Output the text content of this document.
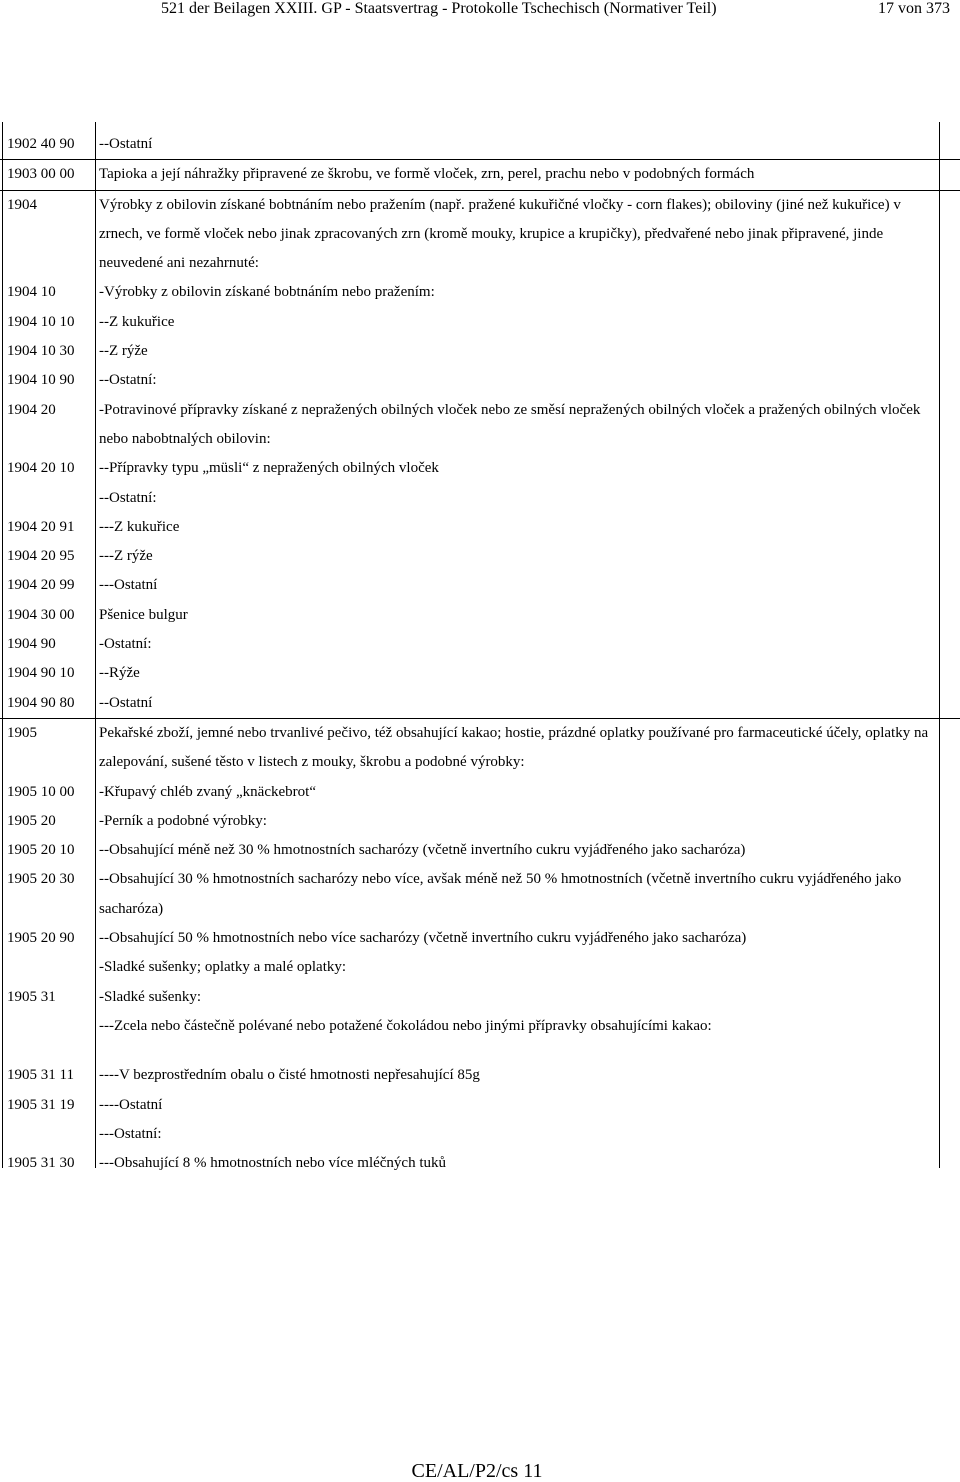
521 der Beilagen XXIII. GP - Staatsvertrag - Protokolle Tschechisch (Normativer Teil)	17 von 373
1902 40 90	--Ostatní
1903 00 00	Tapioka a její náhražky připravené ze škrobu, ve formě vloček, zrn, perel, prachu nebo v podobných formách
1904	Výrobky z obilovin získané bobtnáním nebo pražením (např. pražené kukuřičné vločky - corn flakes); obiloviny (jiné než kukuřice) v zrnech, ve formě vloček nebo jinak zpracovaných zrn (kromě mouky, krupice a krupičky), předvařené nebo jinak připravené, jinde neuvedené ani nezahrnuté:
1904 10	-Výrobky z obilovin získané bobtnáním nebo pražením:
1904 10 10	--Z kukuřice
1904 10 30	--Z rýže
1904 10 90	--Ostatní:
1904 20	-Potravinové přípravky získané z nepražených obilných vloček nebo ze směsí nepražených obilných vloček a pražených obilných vloček nebo nabobtnalých obilovin:
1904 20 10	--Přípravky typu „müsli“ z nepražených obilných vloček
--Ostatní:
1904 20 91	---Z kukuřice
1904 20 95	---Z rýže
1904 20 99	---Ostatní
1904 30 00	Pšenice bulgur
1904 90	-Ostatní:
1904 90 10	--Rýže
1904 90 80	--Ostatní
1905	Pekařské zboží, jemné nebo trvanlivé pečivo, též obsahující kakao; hostie, prázdné oplatky používané pro farmaceutické účely, oplatky na zalepování, sušené těsto v listech z mouky, škrobu a podobné výrobky:
1905 10 00	-Křupavý chléb zvaný „knäckebrot“
1905 20	-Perník a podobné výrobky:
1905 20 10	--Obsahující méně než 30 % hmotnostních sacharózy (včetně invertního cukru vyjádřeného jako sacharóza)
1905 20 30	--Obsahující 30 % hmotnostních sacharózy nebo více, avšak méně než 50 % hmotnostních (včetně invertního cukru vyjádřeného jako sacharóza)
1905 20 90	--Obsahující 50 % hmotnostních nebo více sacharózy (včetně invertního cukru vyjádřeného jako sacharóza)
-Sladké sušenky; oplatky a malé oplatky:
1905 31	-Sladké sušenky:
---Zcela nebo částečně polévané nebo potažené čokoládou nebo jinými přípravky obsahujícími kakao:
1905 31 11	----V bezprostředním obalu o čisté hmotnosti nepřesahující 85g
1905 31 19	----Ostatní
---Ostatní:
1905 31 30	---Obsahující 8 % hmotnostních nebo více mléčných tuků
CE/AL/P2/cs 11
